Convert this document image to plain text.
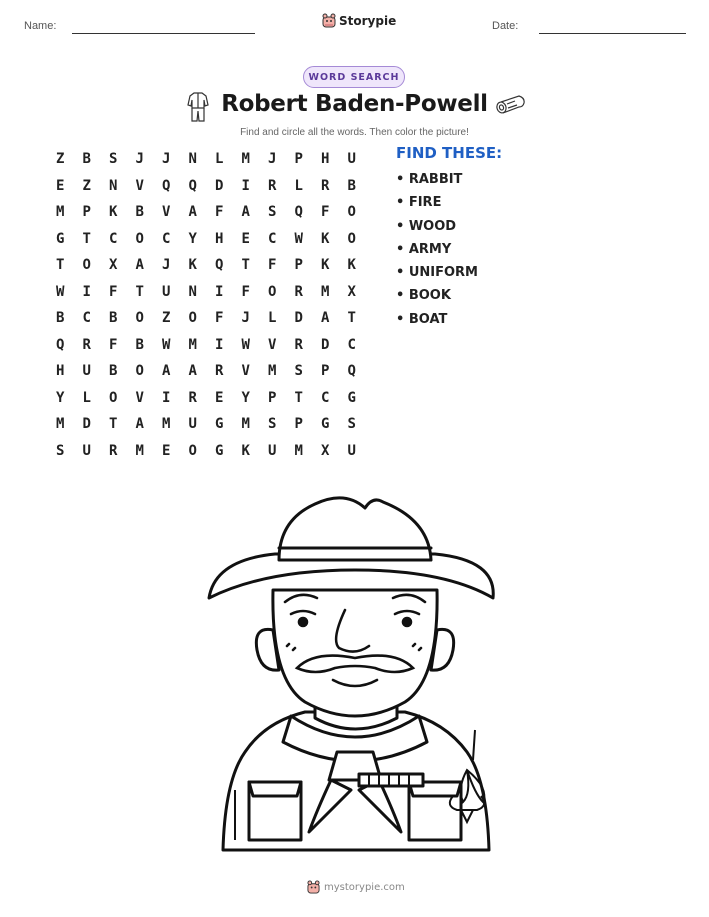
Name:	Storypie	Date:
WORD SEARCH
Robert Baden-Powell
Find and circle all the words. Then color the picture!
Z	B	S	J	J	N	L	M	J	P	H	U
E	Z	N	V	Q	Q	D	I	R	L	R	B
M	P	K	B	V	A	F	A	S	Q	F	O
G	T	C	O	C	Y	H	E	C	W	K	O
T	O	X	A	J	K	Q	T	F	P	K	K
W	I	F	T	U	N	I	F	O	R	M	X
B	C	B	O	Z	O	F	J	L	D	A	T
Q	R	F	B	W	M	I	W	V	R	D	C
H	U	B	O	A	A	R	V	M	S	P	Q
Y	L	O	V	I	R	E	Y	P	T	C	G
M	D	T	A	M	U	G	M	S	P	G	S
S	U	R	M	E	O	G	K	U	M	X	U
FIND THESE:
• RABBIT
• FIRE
• WOOD
• ARMY
• UNIFORM
• BOOK
• BOAT
mystorypie.com
